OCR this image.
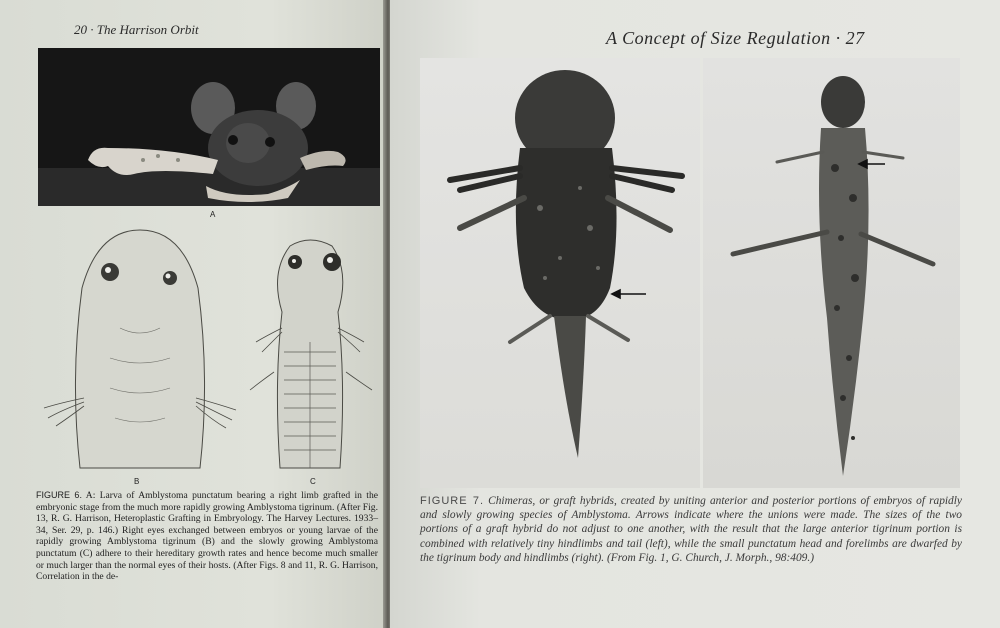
20 · The Harrison Orbit
A
B	C
FIGURE 6. A: Larva of Amblystoma punctatum bearing a right limb grafted in the embryonic stage from the much more rapidly growing Amblystoma tigrinum. (After Fig. 13, R. G. Harrison, Heteroplastic Grafting in Embryology. The Harvey Lectures. 1933–34, Ser. 29, p. 146.) Right eyes exchanged between embryos or young larvae of the rapidly growing Amblystoma tigrinum (B) and the slowly growing Amblystoma punctatum (C) adhere to their hereditary growth rates and hence become much smaller or much larger than the normal eyes of their hosts. (After Figs. 8 and 11, R. G. Harrison, Correlation in the de-
A Concept of Size Regulation · 27
FIGURE 7. Chimeras, or graft hybrids, created by uniting anterior and posterior portions of embryos of rapidly and slowly growing species of Amblystoma. Arrows indicate where the unions were made. The sizes of the two portions of a graft hybrid do not adjust to one another, with the result that the large anterior tigrinum portion is combined with relatively tiny hindlimbs and tail (left), while the small punctatum head and forelimbs are dwarfed by the tigrinum body and hindlimbs (right). (From Fig. 1, G. Church, J. Morph., 98:409.)
